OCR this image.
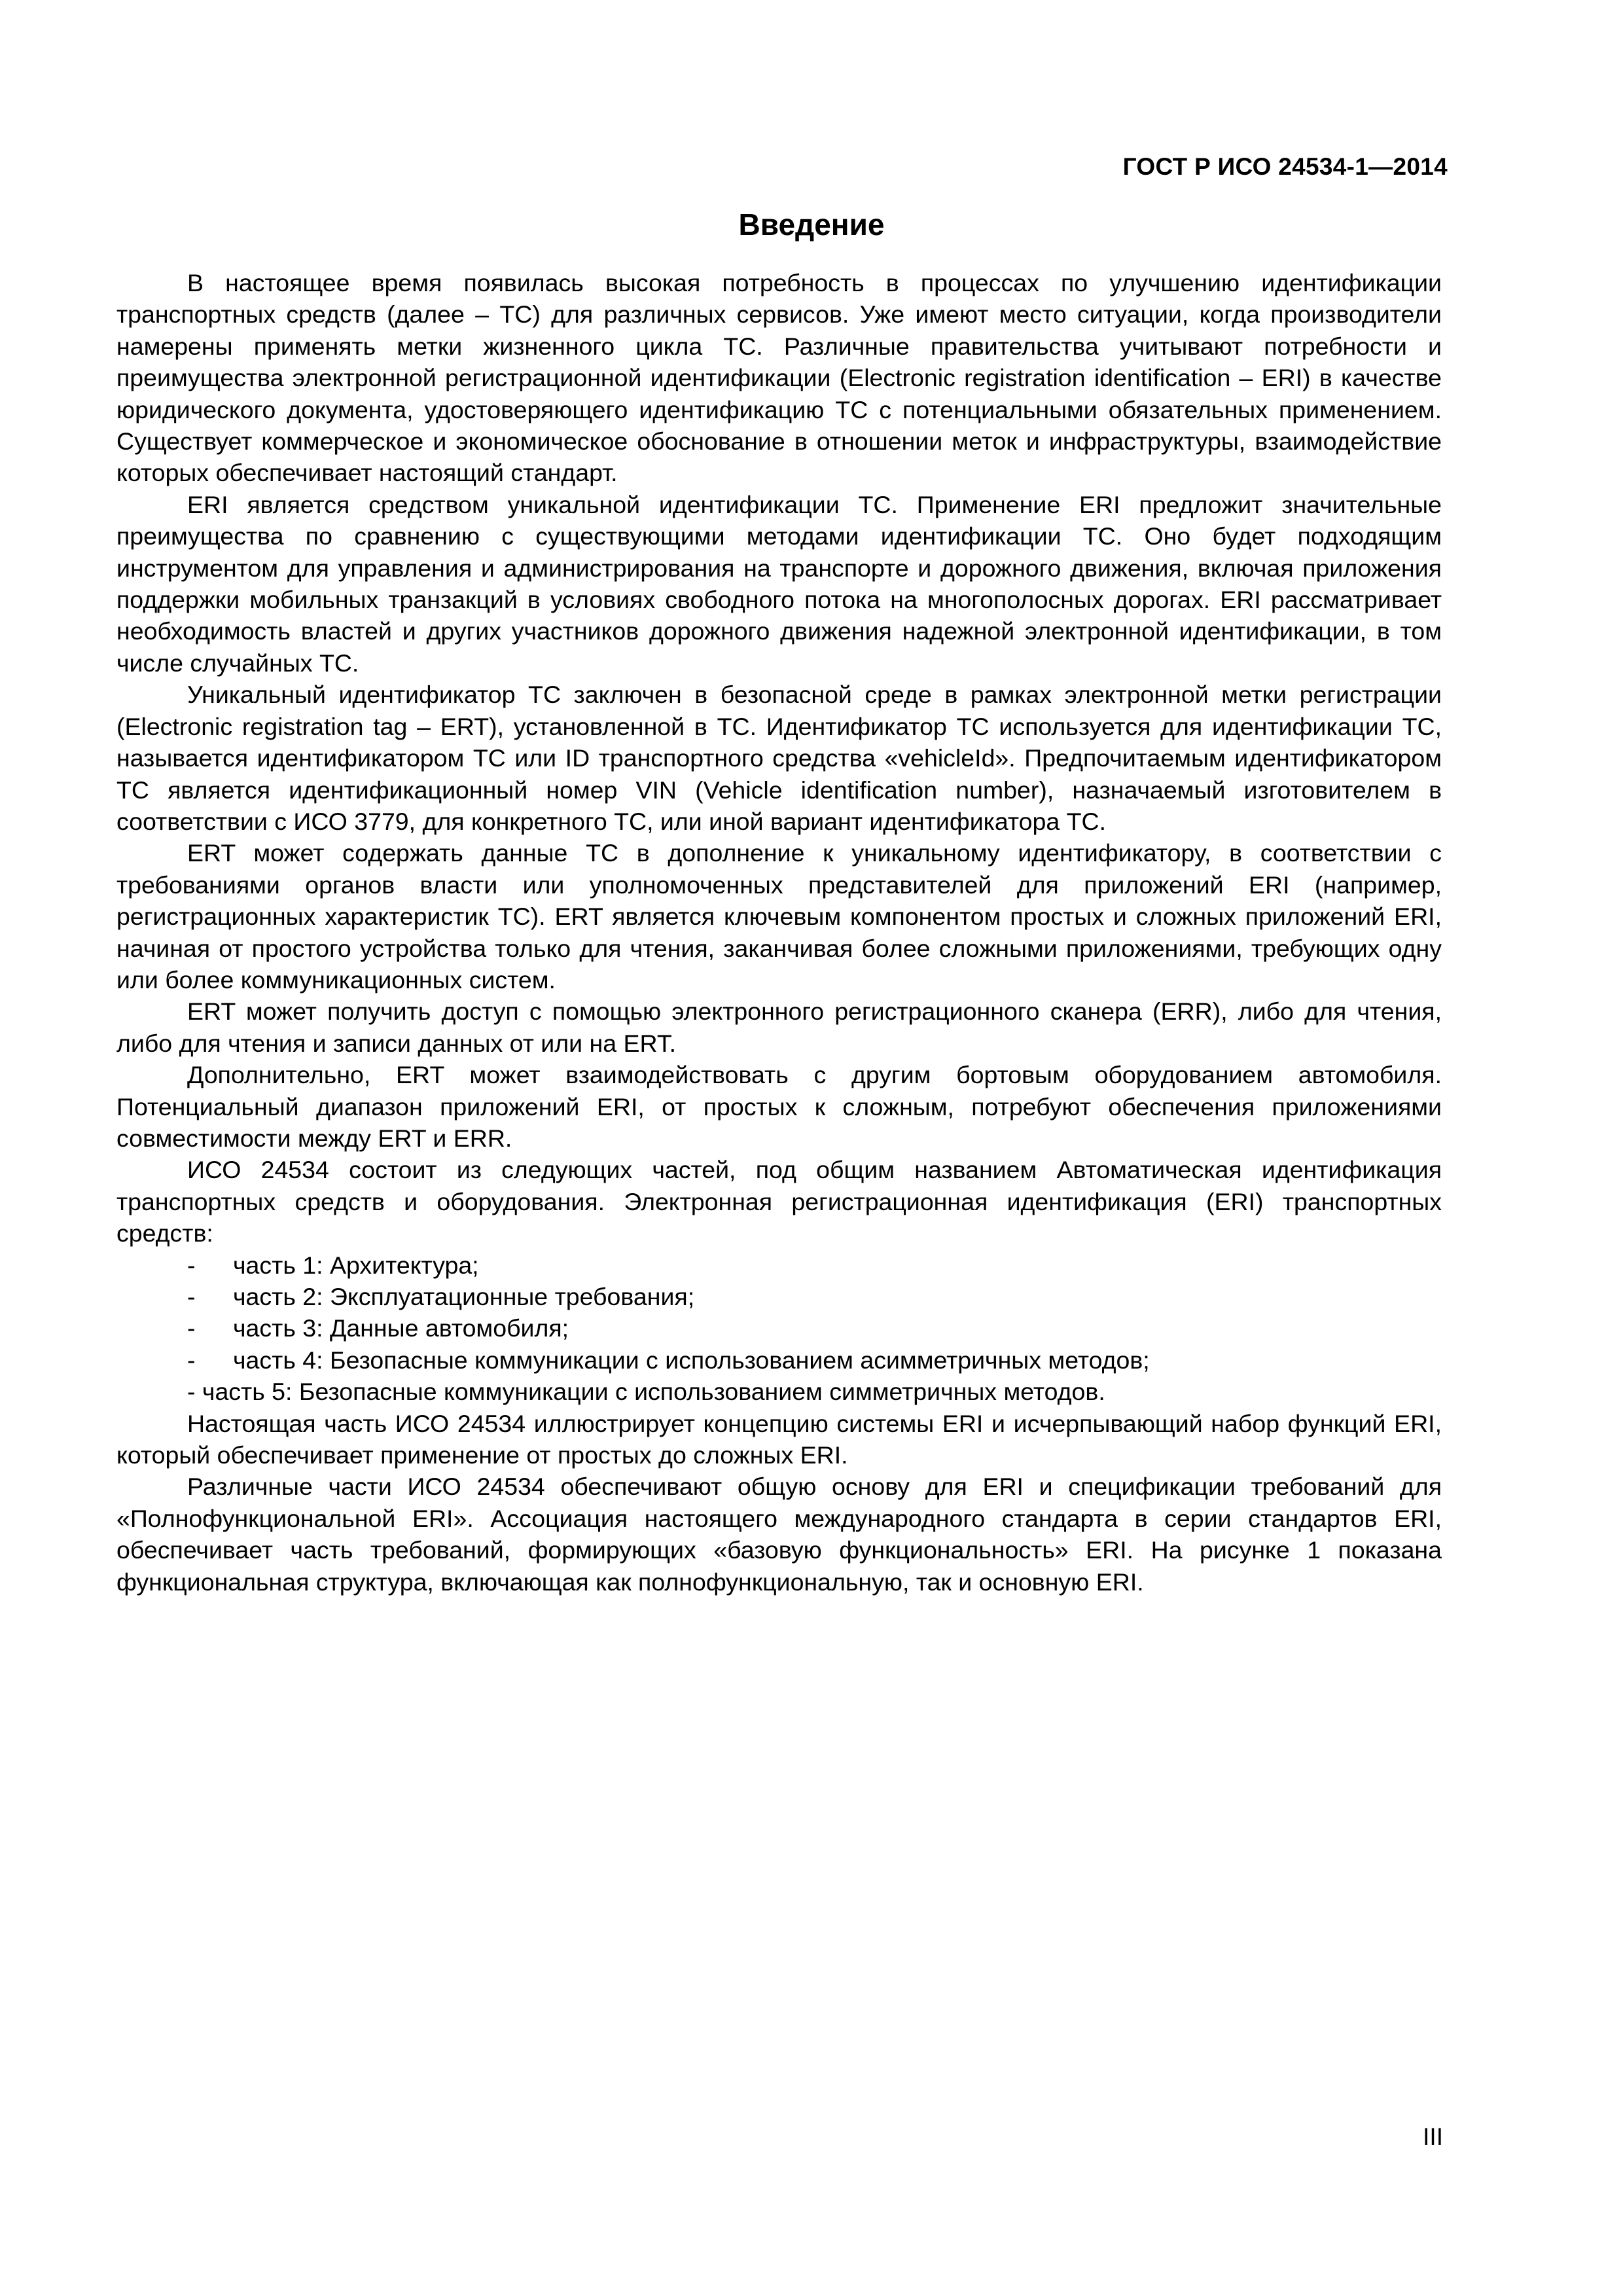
ГОСТ Р ИСО 24534-1—2014
Введение

В настоящее время появилась высокая потребность в процессах по улучшению идентификации транспортных средств (далее – ТС) для различных сервисов. Уже имеют место ситуации, когда производители намерены применять метки жизненного цикла ТС. Различные правительства учитывают потребности и преимущества электронной регистрационной идентификации (Electronic registration identification – ERI) в качестве юридического документа, удостоверяющего идентификацию ТС с потенциальными обязательных применением. Существует коммерческое и экономическое обоснование в отношении меток и инфраструктуры, взаимодействие которых обеспечивает настоящий стандарт.

ERI является средством уникальной идентификации ТС. Применение ERI предложит значительные преимущества по сравнению с существующими методами идентификации ТС. Оно будет подходящим инструментом для управления и администрирования на транспорте и дорожного движения, включая приложения поддержки мобильных транзакций в условиях свободного потока на многополосных дорогах. ERI рассматривает необходимость властей и других участников дорожного движения надежной электронной идентификации, в том числе случайных ТС.

Уникальный идентификатор ТС заключен в безопасной среде в рамках электронной метки регистрации (Electronic registration tag – ERT), установленной в ТС. Идентификатор ТС используется для идентификации ТС, называется идентификатором ТС или ID транспортного средства «vehicleId». Предпочитаемым идентификатором ТС является идентификационный номер VIN (Vehicle identification number), назначаемый изготовителем в соответствии с ИСО 3779, для конкретного ТС, или иной вариант идентификатора ТС.

ERT может содержать данные ТС в дополнение к уникальному идентификатору, в соответствии с требованиями органов власти или уполномоченных представителей для приложений ERI (например, регистрационных характеристик ТС). ERT является ключевым компонентом простых и сложных приложений ERI, начиная от простого устройства только для чтения, заканчивая более сложными приложениями, требующих одну или более коммуникационных систем.

ERT может получить доступ с помощью электронного регистрационного сканера (ERR), либо для чтения, либо для чтения и записи данных от или на ERT.

Дополнительно, ERT может взаимодействовать с другим бортовым оборудованием автомобиля. Потенциальный диапазон приложений ERI, от простых к сложным, потребуют обеспечения приложениями совместимости между ERT и ERR.

ИСО 24534 состоит из следующих частей, под общим названием Автоматическая идентификация транспортных средств и оборудования. Электронная регистрационная идентификация (ERI) транспортных средств:

- часть 1: Архитектура;
- часть 2: Эксплуатационные требования;
- часть 3: Данные автомобиля;
- часть 4: Безопасные коммуникации с использованием асимметричных методов;
- часть 5: Безопасные коммуникации с использованием симметричных методов.

Настоящая часть ИСО 24534 иллюстрирует концепцию системы ERI и исчерпывающий набор функций ERI, который обеспечивает применение от простых до сложных ERI.

Различные части ИСО 24534 обеспечивают общую основу для ERI и спецификации требований для «Полнофункциональной ERI». Ассоциация настоящего международного стандарта в серии стандартов ERI, обеспечивает часть требований, формирующих «базовую функциональность» ERI. На рисунке 1 показана функциональная структура, включающая как полнофункциональную, так и основную ERI.

III
